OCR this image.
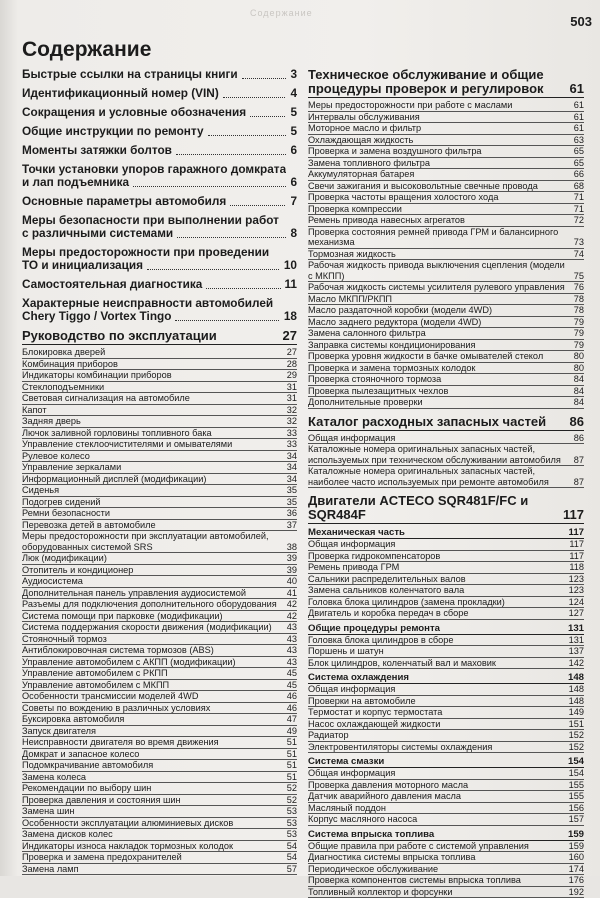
Содержание
503
Содержание
Быстрые ссылки на страницы книги	3
Идентификационный номер (VIN)	4
Сокращения и условные обозначения	5
Общие инструкции по ремонту	5
Моменты затяжки болтов	6
Точки установки упоров гаражного домкрата и лап подъемника	6
Основные параметры автомобиля	7
Меры безопасности при выполнении работ с различными системами	8
Меры предосторожности при проведении ТО и инициализация	10
Самостоятельная диагностика	11
Характерные неисправности автомобилей Chery Tiggo / Vortex Tingo	18
Руководство по эксплуатации	27
Блокировка дверей	27
Комбинация приборов	28
Индикаторы комбинации приборов	29
Стеклоподъемники	31
Световая сигнализация на автомобиле	31
Капот	32
Задняя дверь	32
Лючок заливной горловины топливного бака	33
Управление стеклоочистителями и омывателями	33
Рулевое колесо	34
Управление зеркалами	34
Информационный дисплей (модификации)	34
Сиденья	35
Подогрев сидений	35
Ремни безопасности	36
Перевозка детей в автомобиле	37
Меры предосторожности при эксплуатации автомобилей, оборудованных системой SRS	38
Люк (модификации)	39
Отопитель и кондиционер	39
Аудиосистема	40
Дополнительная панель управления аудиосистемой	41
Разъемы для подключения дополнительного оборудования	42
Система помощи при парковке (модификации)	42
Система поддержания скорости движения (модификации)	43
Стояночный тормоз	43
Антиблокировочная система тормозов (ABS)	43
Управление автомобилем с АКПП (модификации)	43
Управление автомобилем с РКПП	45
Управление автомобилем с МКПП	45
Особенности трансмиссии моделей 4WD	46
Советы по вождению в различных условиях	46
Буксировка автомобиля	47
Запуск двигателя	49
Неисправности двигателя во время движения	51
Домкрат и запасное колесо	51
Подомкрачивание автомобиля	51
Замена колеса	51
Рекомендации по выбору шин	52
Проверка давления и состояния шин	52
Замена шин	53
Особенности эксплуатации алюминиевых дисков	53
Замена дисков колес	53
Индикаторы износа накладок тормозных колодок	54
Проверка и замена предохранителей	54
Замена ламп	57
Техническое обслуживание и общие процедуры проверок и регулировок	61
Меры предосторожности при работе с маслами	61
Интервалы обслуживания	61
Моторное масло и фильтр	61
Охлаждающая жидкость	63
Проверка и замена воздушного фильтра	65
Замена топливного фильтра	65
Аккумуляторная батарея	66
Свечи зажигания и высоковольтные свечные провода	68
Проверка частоты вращения холостого хода	71
Проверка компрессии	71
Ремень привода навесных агрегатов	72
Проверка состояния ремней привода ГРМ и балансирного механизма	73
Тормозная жидкость	74
Рабочая жидкость привода выключения сцепления (модели с МКПП)	75
Рабочая жидкость системы усилителя рулевого управления 76
Масло МКПП/РКПП	78
Масло раздаточной коробки (модели 4WD)	78
Масло заднего редуктора (модели 4WD)	79
Замена салонного фильтра	79
Заправка системы кондиционирования	79
Проверка уровня жидкости в бачке омывателей стекол	80
Проверка и замена тормозных колодок	80
Проверка стояночного тормоза	84
Проверка пылезащитных чехлов	84
Дополнительные проверки	84
Каталог расходных запасных частей	86
Общая информация	86
Каталожные номера оригинальных запасных частей, используемых при техническом обслуживании автомобиля	87
Каталожные номера оригинальных запасных частей, наиболее часто используемых при ремонте автомобиля	87
Двигатели ACTECO SQR481F/FC и SQR484F	117
Механическая часть	117
Общая информация	117
Проверка гидрокомпенсаторов	117
Ремень привода ГРМ	118
Сальники распределительных валов	123
Замена сальников коленчатого вала	123
Головка блока цилиндров (замена прокладки)	124
Двигатель и коробка передач в сборе	127
Общие процедуры ремонта	131
Головка блока цилиндров в сборе	131
Поршень и шатун	137
Блок цилиндров, коленчатый вал и маховик	142
Система охлаждения	148
Общая информация	148
Проверки на автомобиле	148
Термостат и корпус термостата	149
Насос охлаждающей жидкости	151
Радиатор	152
Электровентиляторы системы охлаждения	152
Система смазки	154
Общая информация	154
Проверка давления моторного масла	155
Датчик аварийного давления масла	155
Масляный поддон	156
Корпус масляного насоса	157
Система впрыска топлива	159
Общие правила при работе с системой управления	159
Диагностика системы впрыска топлива	160
Периодическое обслуживание	174
Проверка компонентов системы впрыска топлива	176
Топливный коллектор и форсунки	192
